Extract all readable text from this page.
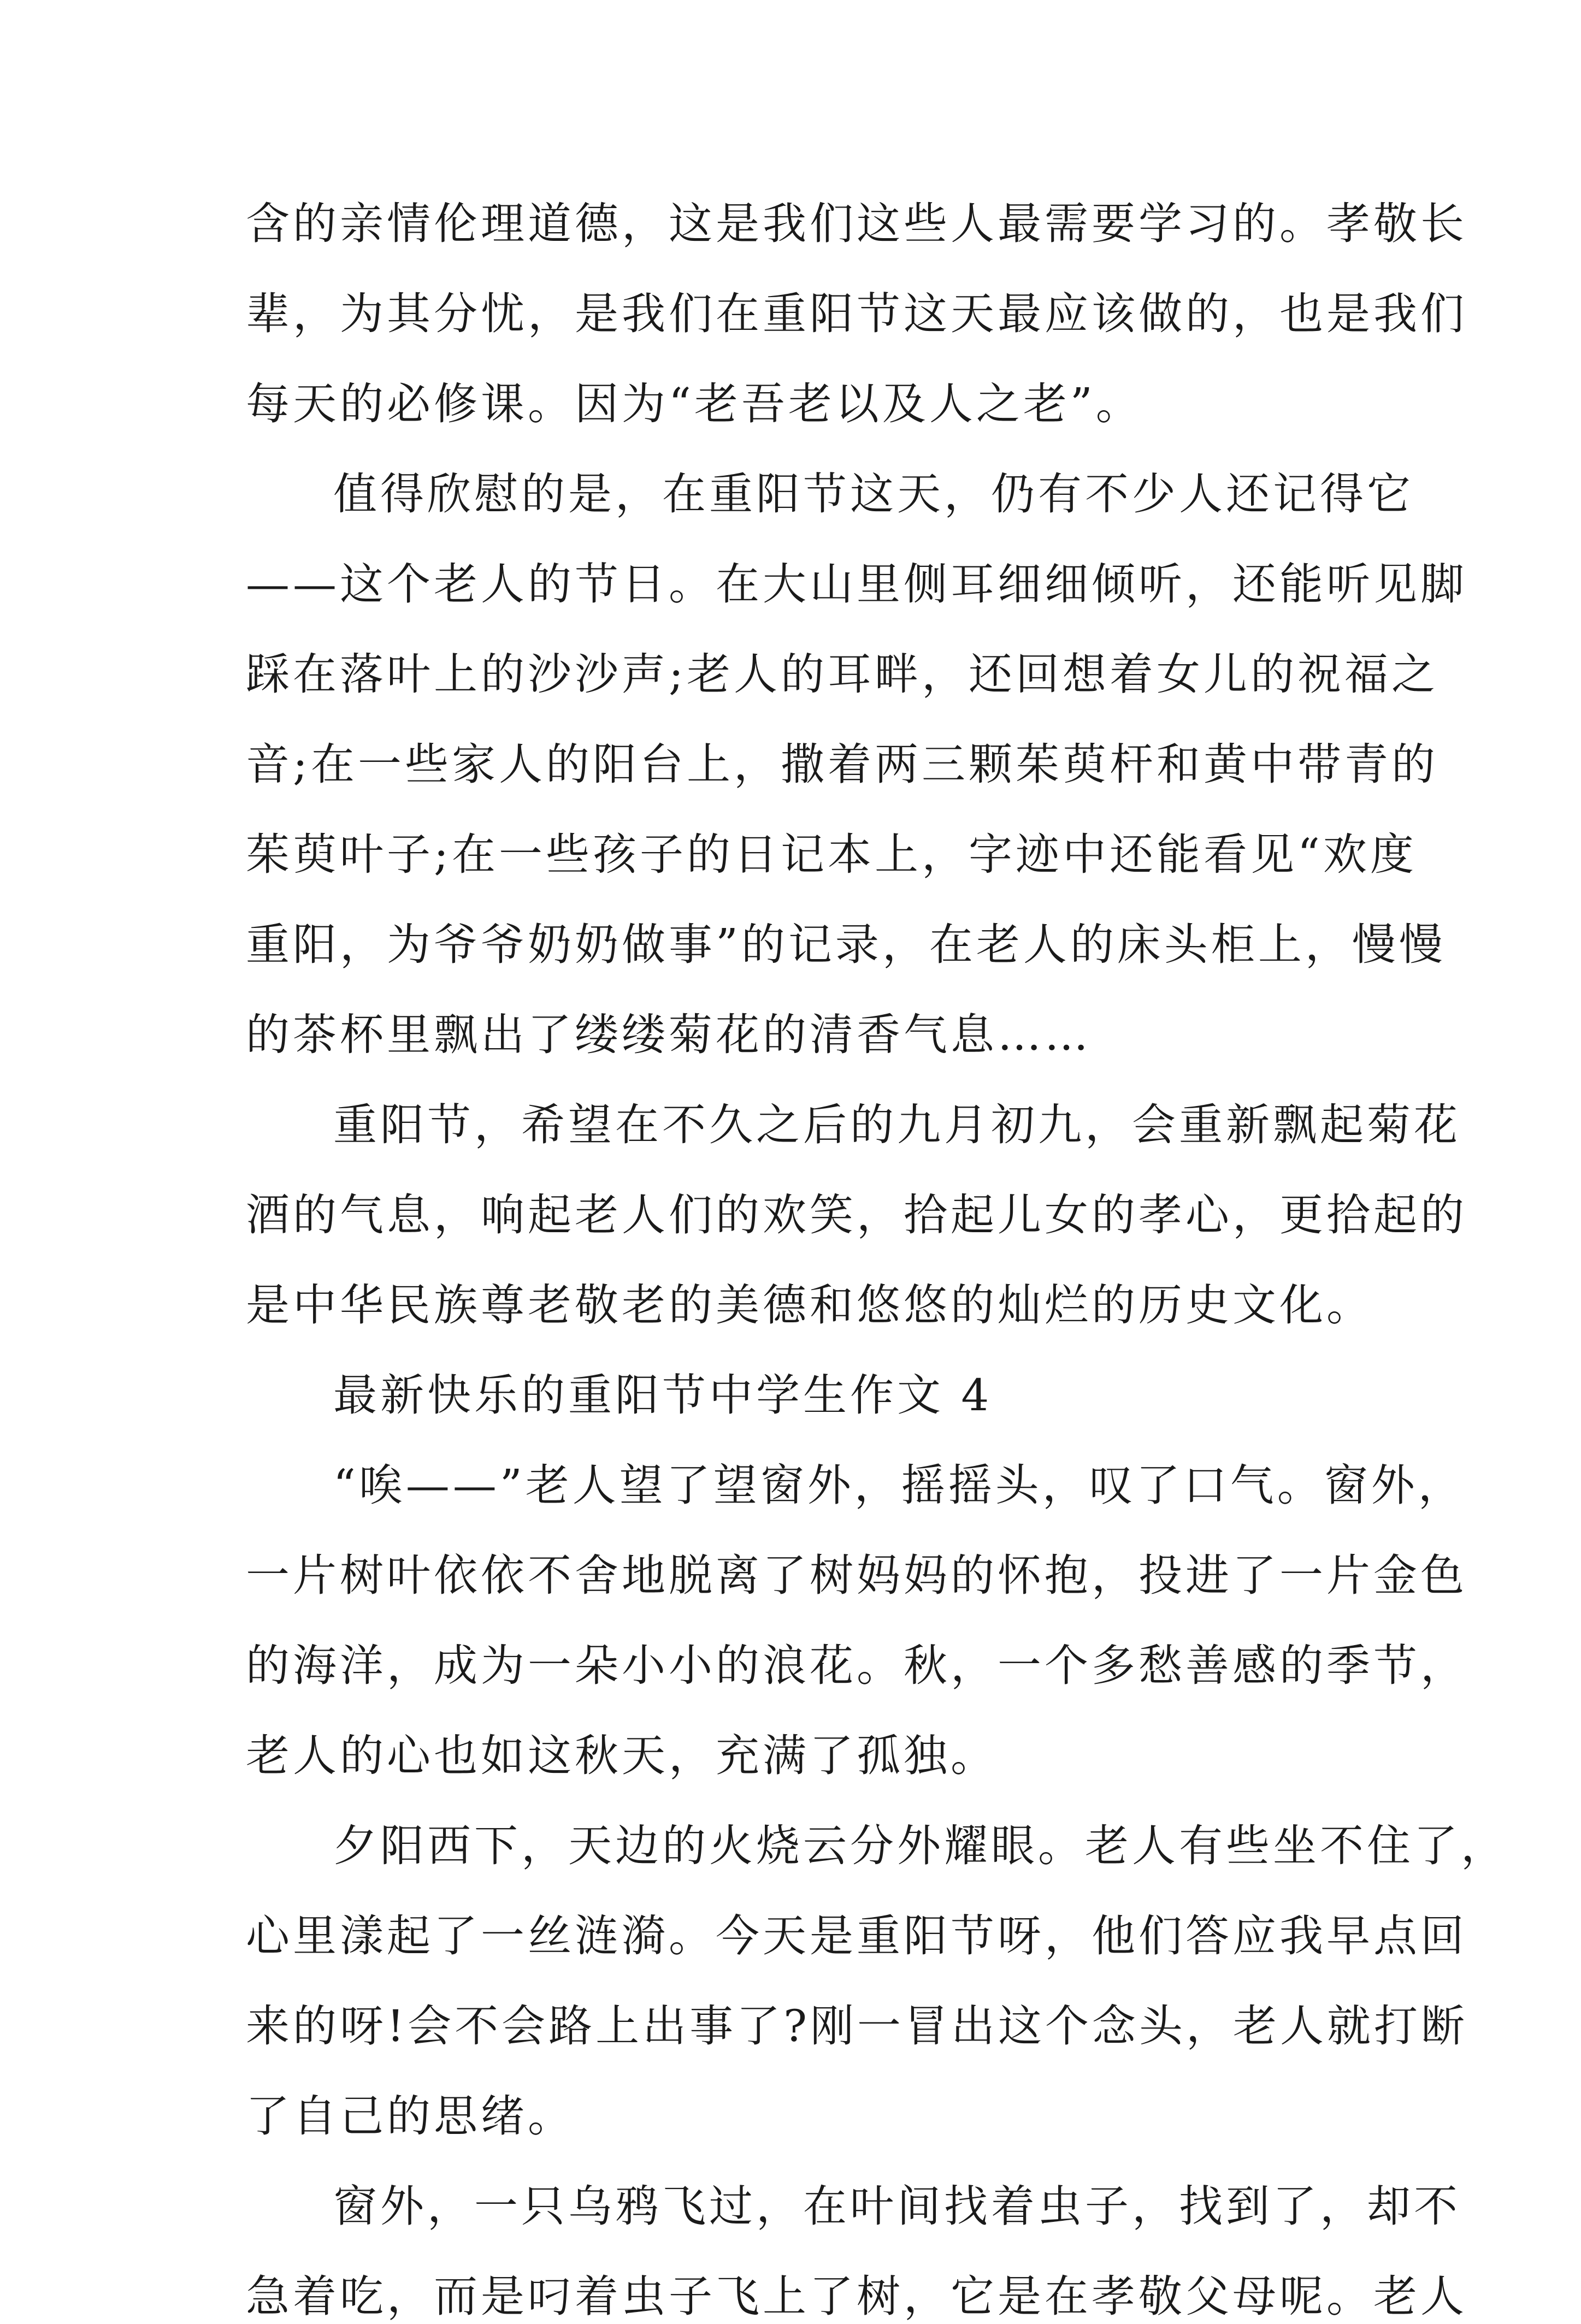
含的亲情伦理道德，这是我们这些人最需要学习的。孝敬长
辈，为其分忧，是我们在重阳节这天最应该做的，也是我们
每天的必修课。因为“老吾老以及人之老”。
值得欣慰的是，在重阳节这天，仍有不少人还记得它
——这个老人的节日。在大山里侧耳细细倾听，还能听见脚
踩在落叶上的沙沙声;老人的耳畔，还回想着女儿的祝福之
音;在一些家人的阳台上，撒着两三颗茱萸杆和黄中带青的
茱萸叶子;在一些孩子的日记本上，字迹中还能看见“欢度
重阳，为爷爷奶奶做事”的记录，在老人的床头柜上，慢慢
的茶杯里飘出了缕缕菊花的清香气息……
重阳节，希望在不久之后的九月初九，会重新飘起菊花
酒的气息，响起老人们的欢笑，拾起儿女的孝心，更拾起的
是中华民族尊老敬老的美德和悠悠的灿烂的历史文化。
最新快乐的重阳节中学生作文 4
“唉——”老人望了望窗外，摇摇头，叹了口气。窗外，
一片树叶依依不舍地脱离了树妈妈的怀抱，投进了一片金色
的海洋，成为一朵小小的浪花。秋，一个多愁善感的季节，
老人的心也如这秋天，充满了孤独。
夕阳西下，天边的火烧云分外耀眼。老人有些坐不住了，
心里漾起了一丝涟漪。今天是重阳节呀，他们答应我早点回
来的呀!会不会路上出事了?刚一冒出这个念头，老人就打断
了自己的思绪。
窗外，一只乌鸦飞过，在叶间找着虫子，找到了，却不
急着吃，而是叼着虫子飞上了树，它是在孝敬父母呢。老人
